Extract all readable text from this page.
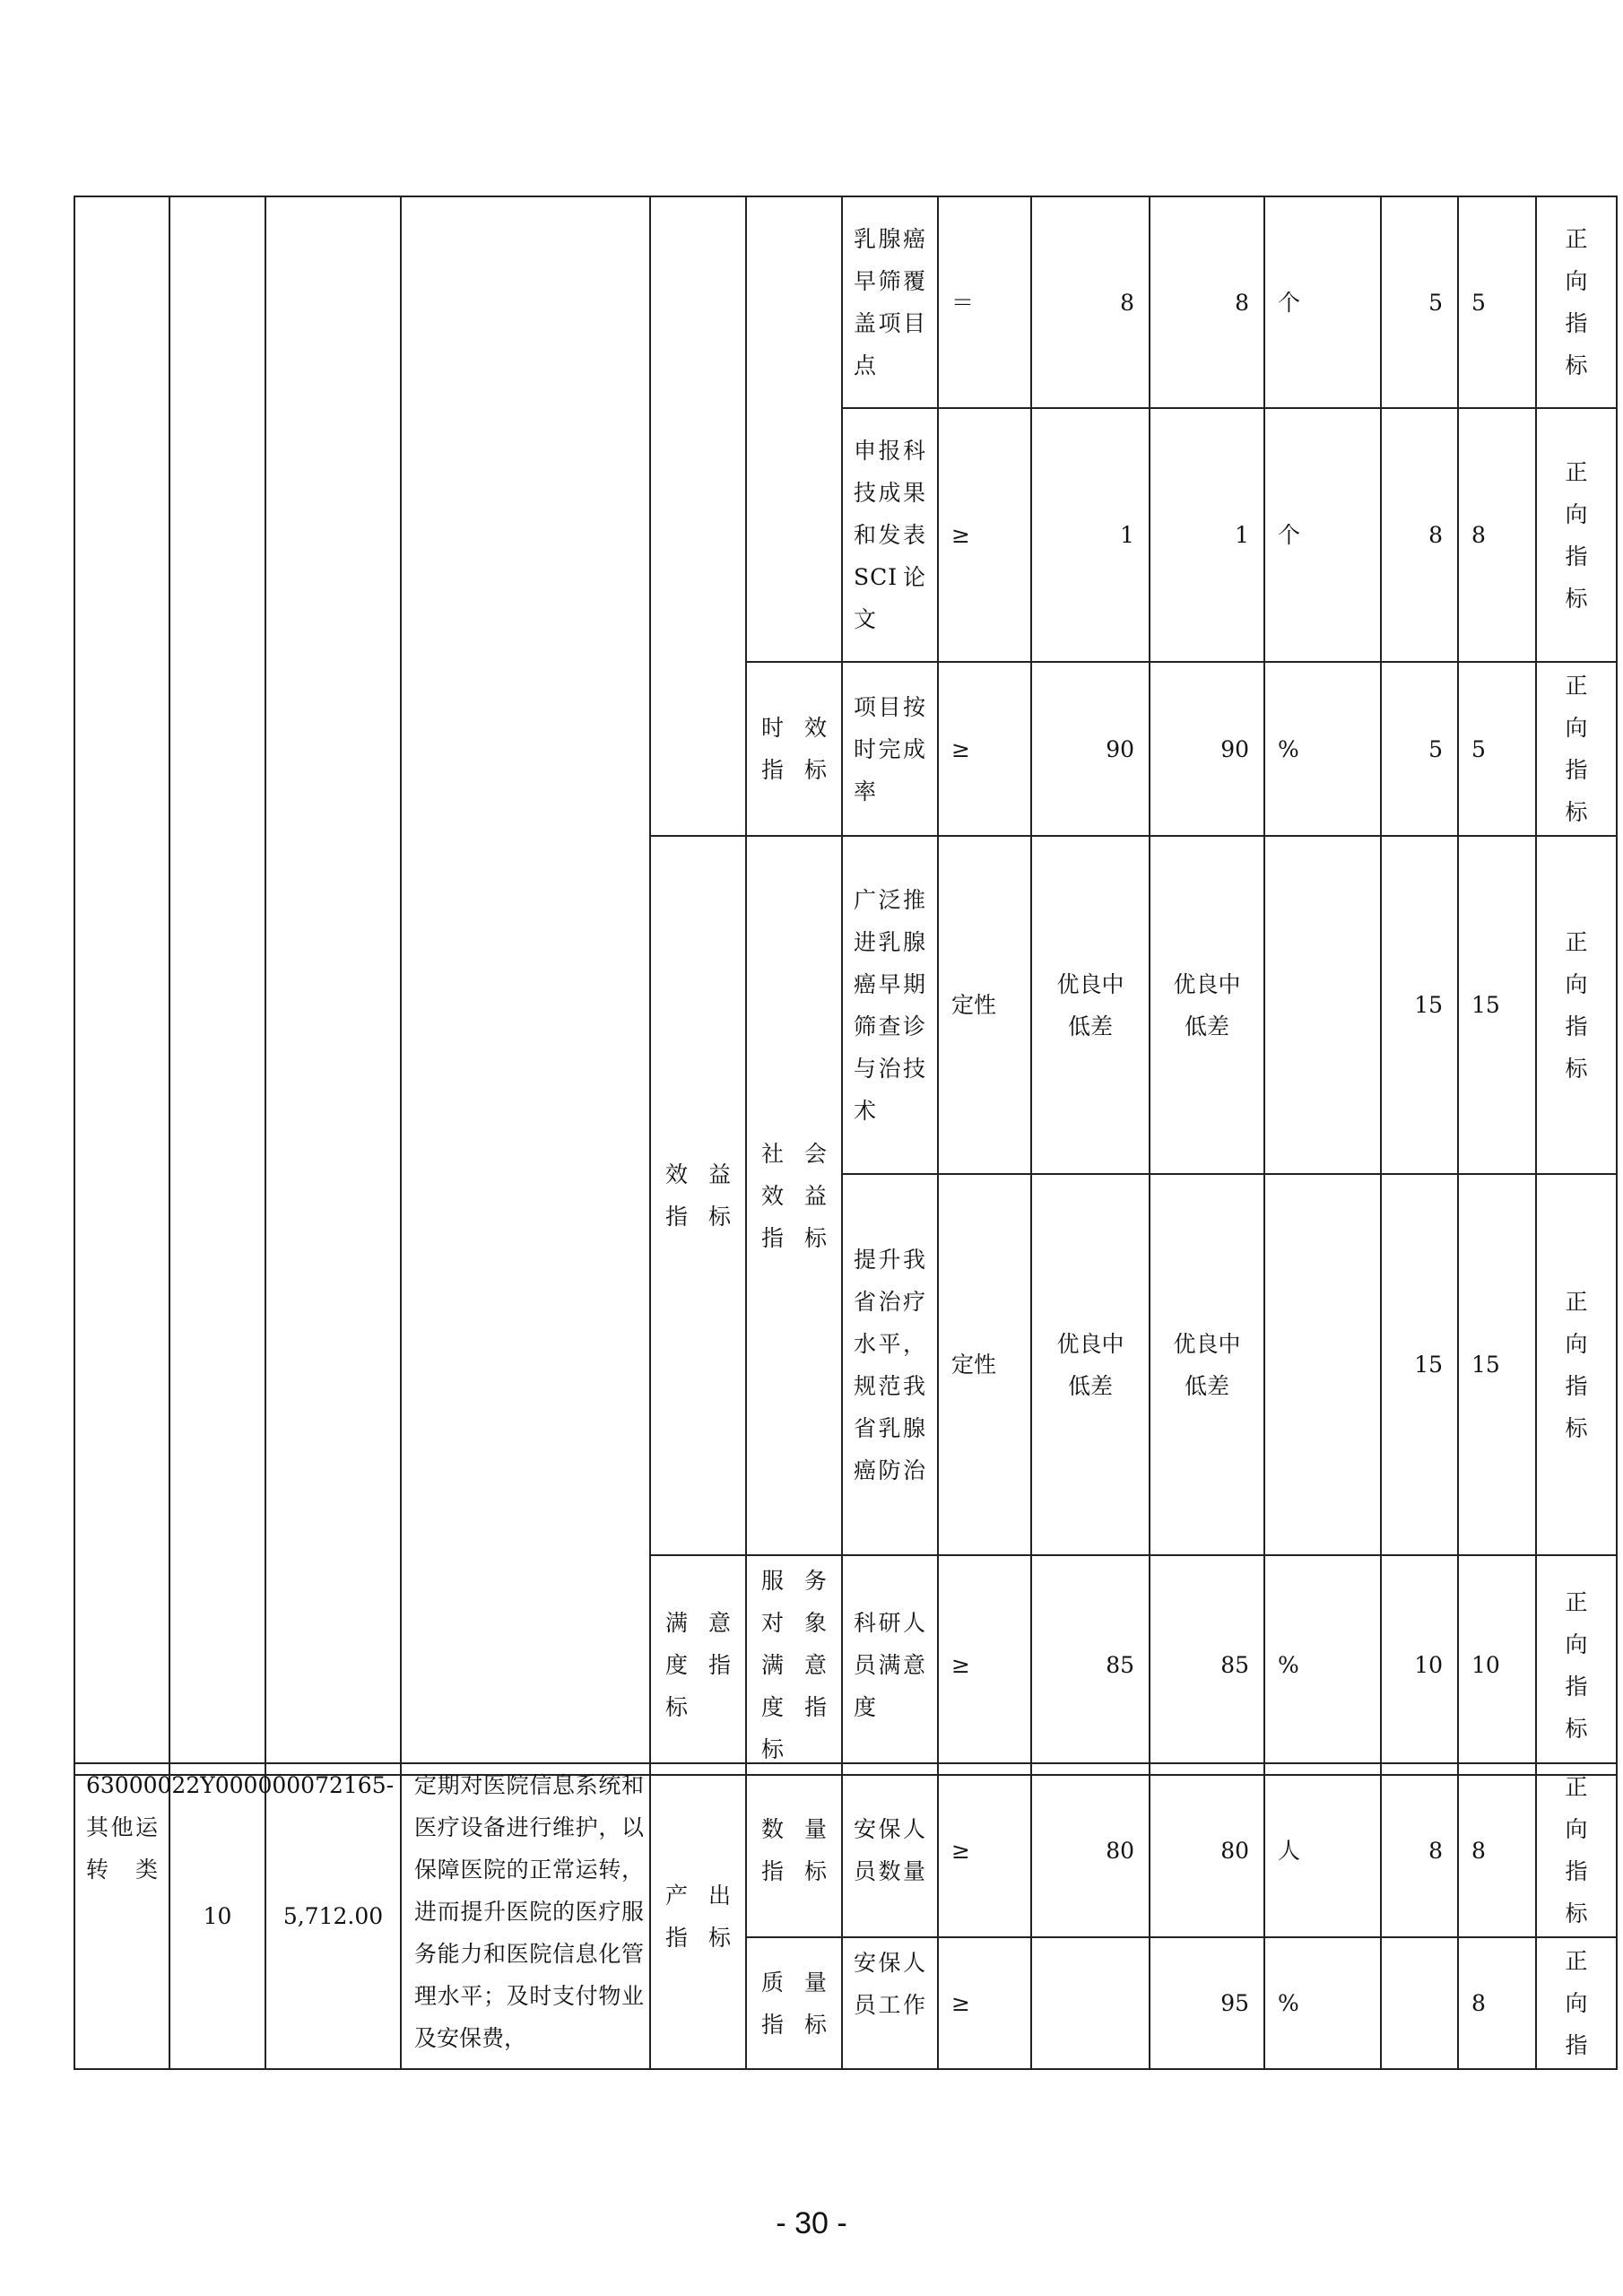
						乳腺癌早筛覆盖项目点	＝	8	8	个	5	5	正向指标

						申报科技成果和发表SCI论文	≥	1	1	个	8	8	正向指标

					时效指标	项目按时完成率	≥	90	90	%	5	5	正向指标

				效益指标	社会效益指标	广泛推进乳腺癌早期筛查诊与治技术	定性	优良中低差	优良中低差		15	15	正向指标

						提升我省治疗水平，规范我省乳腺癌防治	定性	优良中低差	优良中低差		15	15	正向指标

				满意度指标	服务对象满意度指标	科研人员满意度	≥	85	85	%	10	10	正向指标
63000022Y000000072165-其他运转类	10	5,712.00	定期对医院信息系统和医疗设备进行维护，以保障医院的正常运转，进而提升医院的医疗服务能力和医院信息化管理水平；及时支付物业及安保费，	产出指标	数量指标	安保人员数量	≥	80	80	人	8	8	正向指标

					质量指标	安保人员工作	≥		95	%		8	正向指
- 30 -
